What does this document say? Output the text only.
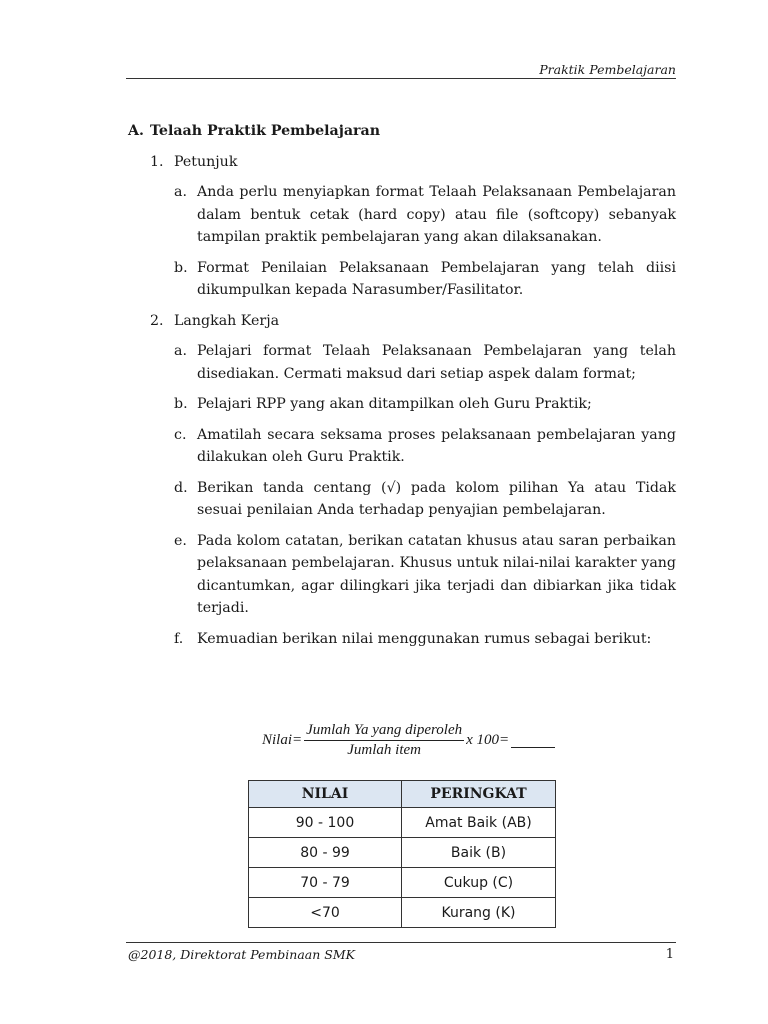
Praktik Pembelajaran
A. Telaah Praktik Pembelajaran
1. Petunjuk
a. Anda perlu menyiapkan format Telaah Pelaksanaan Pembelajaran dalam bentuk cetak (hard copy) atau file (softcopy) sebanyak tampilan praktik pembelajaran yang akan dilaksanakan.
b. Format Penilaian Pelaksanaan Pembelajaran yang telah diisi dikumpulkan kepada Narasumber/Fasilitator.
2. Langkah Kerja
a. Pelajari format Telaah Pelaksanaan Pembelajaran yang telah disediakan. Cermati maksud dari setiap aspek dalam format;
b. Pelajari RPP yang akan ditampilkan oleh Guru Praktik;
c. Amatilah secara seksama proses pelaksanaan pembelajaran yang dilakukan oleh Guru Praktik.
d. Berikan tanda centang (√) pada kolom pilihan Ya atau Tidak sesuai penilaian Anda terhadap penyajian pembelajaran.
e. Pada kolom catatan, berikan catatan khusus atau saran perbaikan pelaksanaan pembelajaran. Khusus untuk nilai-nilai karakter yang dicantumkan, agar dilingkari jika terjadi dan dibiarkan jika tidak terjadi.
f. Kemuadian berikan nilai menggunakan rumus sebagai berikut:
Nilai= $\frac{\text{Jumlah Ya yang diperoleh}}{\text{Jumlah item}}$ x 100=
NILAI	PERINGKAT
90 - 100	Amat Baik (AB)
80 - 99	Baik (B)
70 - 79	Cukup (C)
<70	Kurang (K)
@2018, Direktorat Pembinaan SMK	1
